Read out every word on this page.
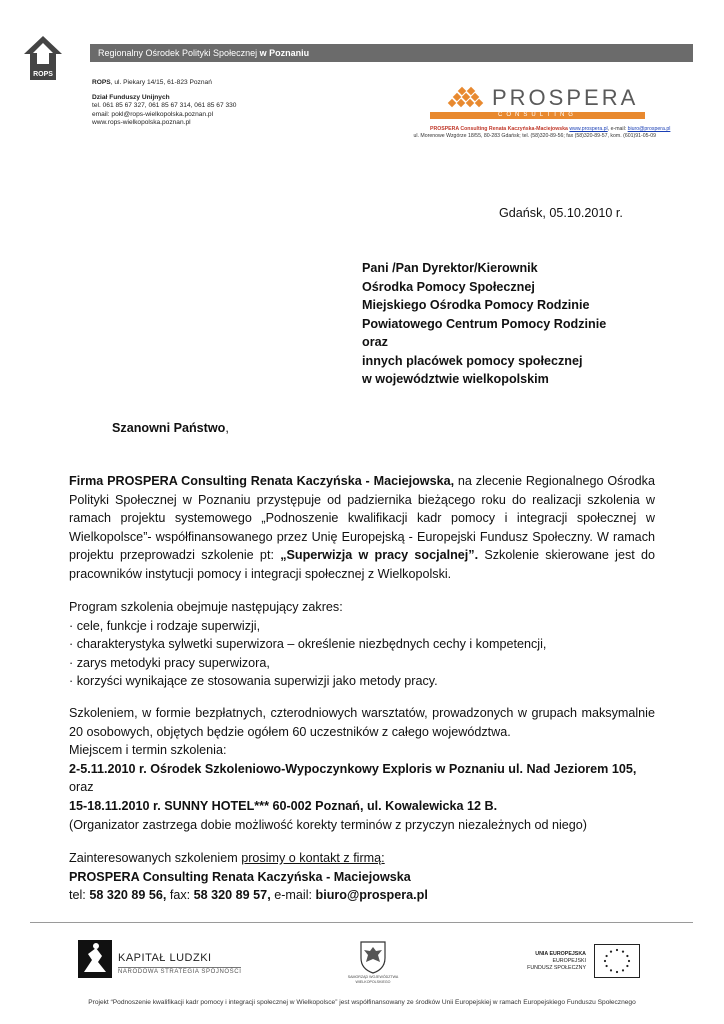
ROPS
Regionalny Ośrodek Polityki Społecznej w Poznaniu
ROPS, ul. Piekary 14/15, 61-823 Poznań
Dział Funduszy Unijnych
tel. 061 85 67 327, 061 85 67 314, 061 85 67 330
email: pokl@rops-wielkopolska.poznan.pl
www.rops-wielkopolska.poznan.pl
PROSPERA
CONSULTING
PROSPERA Consulting Renata Kaczyńska-Maciejowska www.prospera.pl, e-mail: biuro@prospera.pl
ul. Morenowe Wzgórze 18/55, 80-283 Gdańsk; tel. (58)320-89-56; fax (58)320-89-57, kom. (601)91-05-09
Gdańsk, 05.10.2010 r.
Pani /Pan Dyrektor/Kierownik
Ośrodka Pomocy Społecznej
Miejskiego Ośrodka Pomocy Rodzinie
Powiatowego Centrum Pomocy Rodzinie
oraz
innych placówek pomocy społecznej
w województwie wielkopolskim
Szanowni Państwo,
Firma PROSPERA Consulting Renata Kaczyńska - Maciejowska, na zlecenie Regionalnego Ośrodka Polityki Społecznej w Poznaniu przystępuje od padziernika bieżącego roku do realizacji szkolenia w ramach projektu systemowego „Podnoszenie kwalifikacji kadr pomocy i integracji społecznej w Wielkopolsce”- współfinansowanego przez Unię Europejską - Europejski Fundusz Społeczny. W ramach projektu przeprowadzi szkolenie pt: „Superwizja w pracy socjalnej”. Szkolenie skierowane jest do pracowników instytucji pomocy i integracji społecznej z Wielkopolski.
Program szkolenia obejmuje następujący zakres:
· cele, funkcje i rodzaje superwizji,
· charakterystyka sylwetki superwizora – określenie niezbędnych cechy i kompetencji,
· zarys metodyki pracy superwizora,
· korzyści wynikające ze stosowania superwizji jako metody pracy.
Szkoleniem, w formie bezpłatnych, czterodniowych warsztatów, prowadzonych w grupach maksymalnie 20 osobowych, objętych będzie ogółem 60 uczestników z całego województwa.
Miejscem i termin szkolenia:
2-5.11.2010 r. Ośrodek Szkoleniowo-Wypoczynkowy Exploris w Poznaniu ul. Nad Jeziorem 105,
oraz
15-18.11.2010 r. SUNNY HOTEL*** 60-002 Poznań, ul. Kowalewicka 12 B.
(Organizator zastrzega dobie możliwość korekty terminów z przyczyn niezależnych od niego)
Zainteresowanych szkoleniem prosimy o kontakt z firmą:
PROSPERA Consulting Renata Kaczyńska - Maciejowska
tel: 58 320 89 56, fax: 58 320 89 57, e-mail: biuro@prospera.pl
KAPITAŁ LUDZKI
NARODOWA STRATEGIA SPÓJNOŚCI
SAMORZĄD WOJEWÓDZTWA WIELKOPOLSKIEGO
UNIA EUROPEJSKA
EUROPEJSKI
FUNDUSZ SPOŁECZNY
Projekt “Podnoszenie kwalifikacji kadr pomocy i integracji społecznej w Wielkopolsce” jest współfinansowany ze środków Unii Europejskiej w ramach Europejskiego Funduszu Społecznego
